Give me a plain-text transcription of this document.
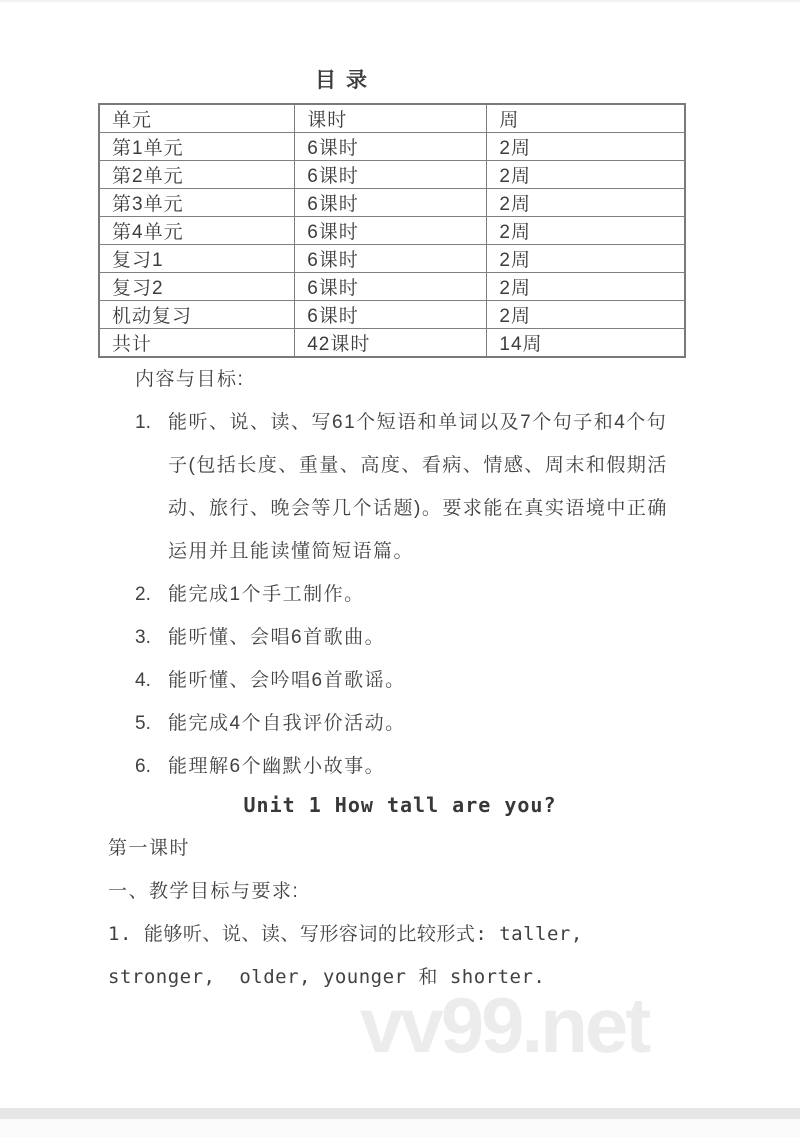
vv99.net
目录
单元	课时	周
第1单元	6课时	2周
第2单元	6课时	2周
第3单元	6课时	2周
第4单元	6课时	2周
复习1	6课时	2周
复习2	6课时	2周
机动复习	6课时	2周
共计	42课时	14周
内容与目标:
1. 能听、说、读、写61个短语和单词以及7个句子和4个句子(包括长度、重量、高度、看病、情感、周末和假期活动、旅行、晚会等几个话题)。要求能在真实语境中正确运用并且能读懂简短语篇。
2. 能完成1个手工制作。
3. 能听懂、会唱6首歌曲。
4. 能听懂、会吟唱6首歌谣。
5. 能完成4个自我评价活动。
6. 能理解6个幽默小故事。
Unit 1 How tall are you?
第一课时
一、教学目标与要求:
1. 能够听、说、读、写形容词的比较形式: taller,
stronger,  older, younger 和 shorter.
